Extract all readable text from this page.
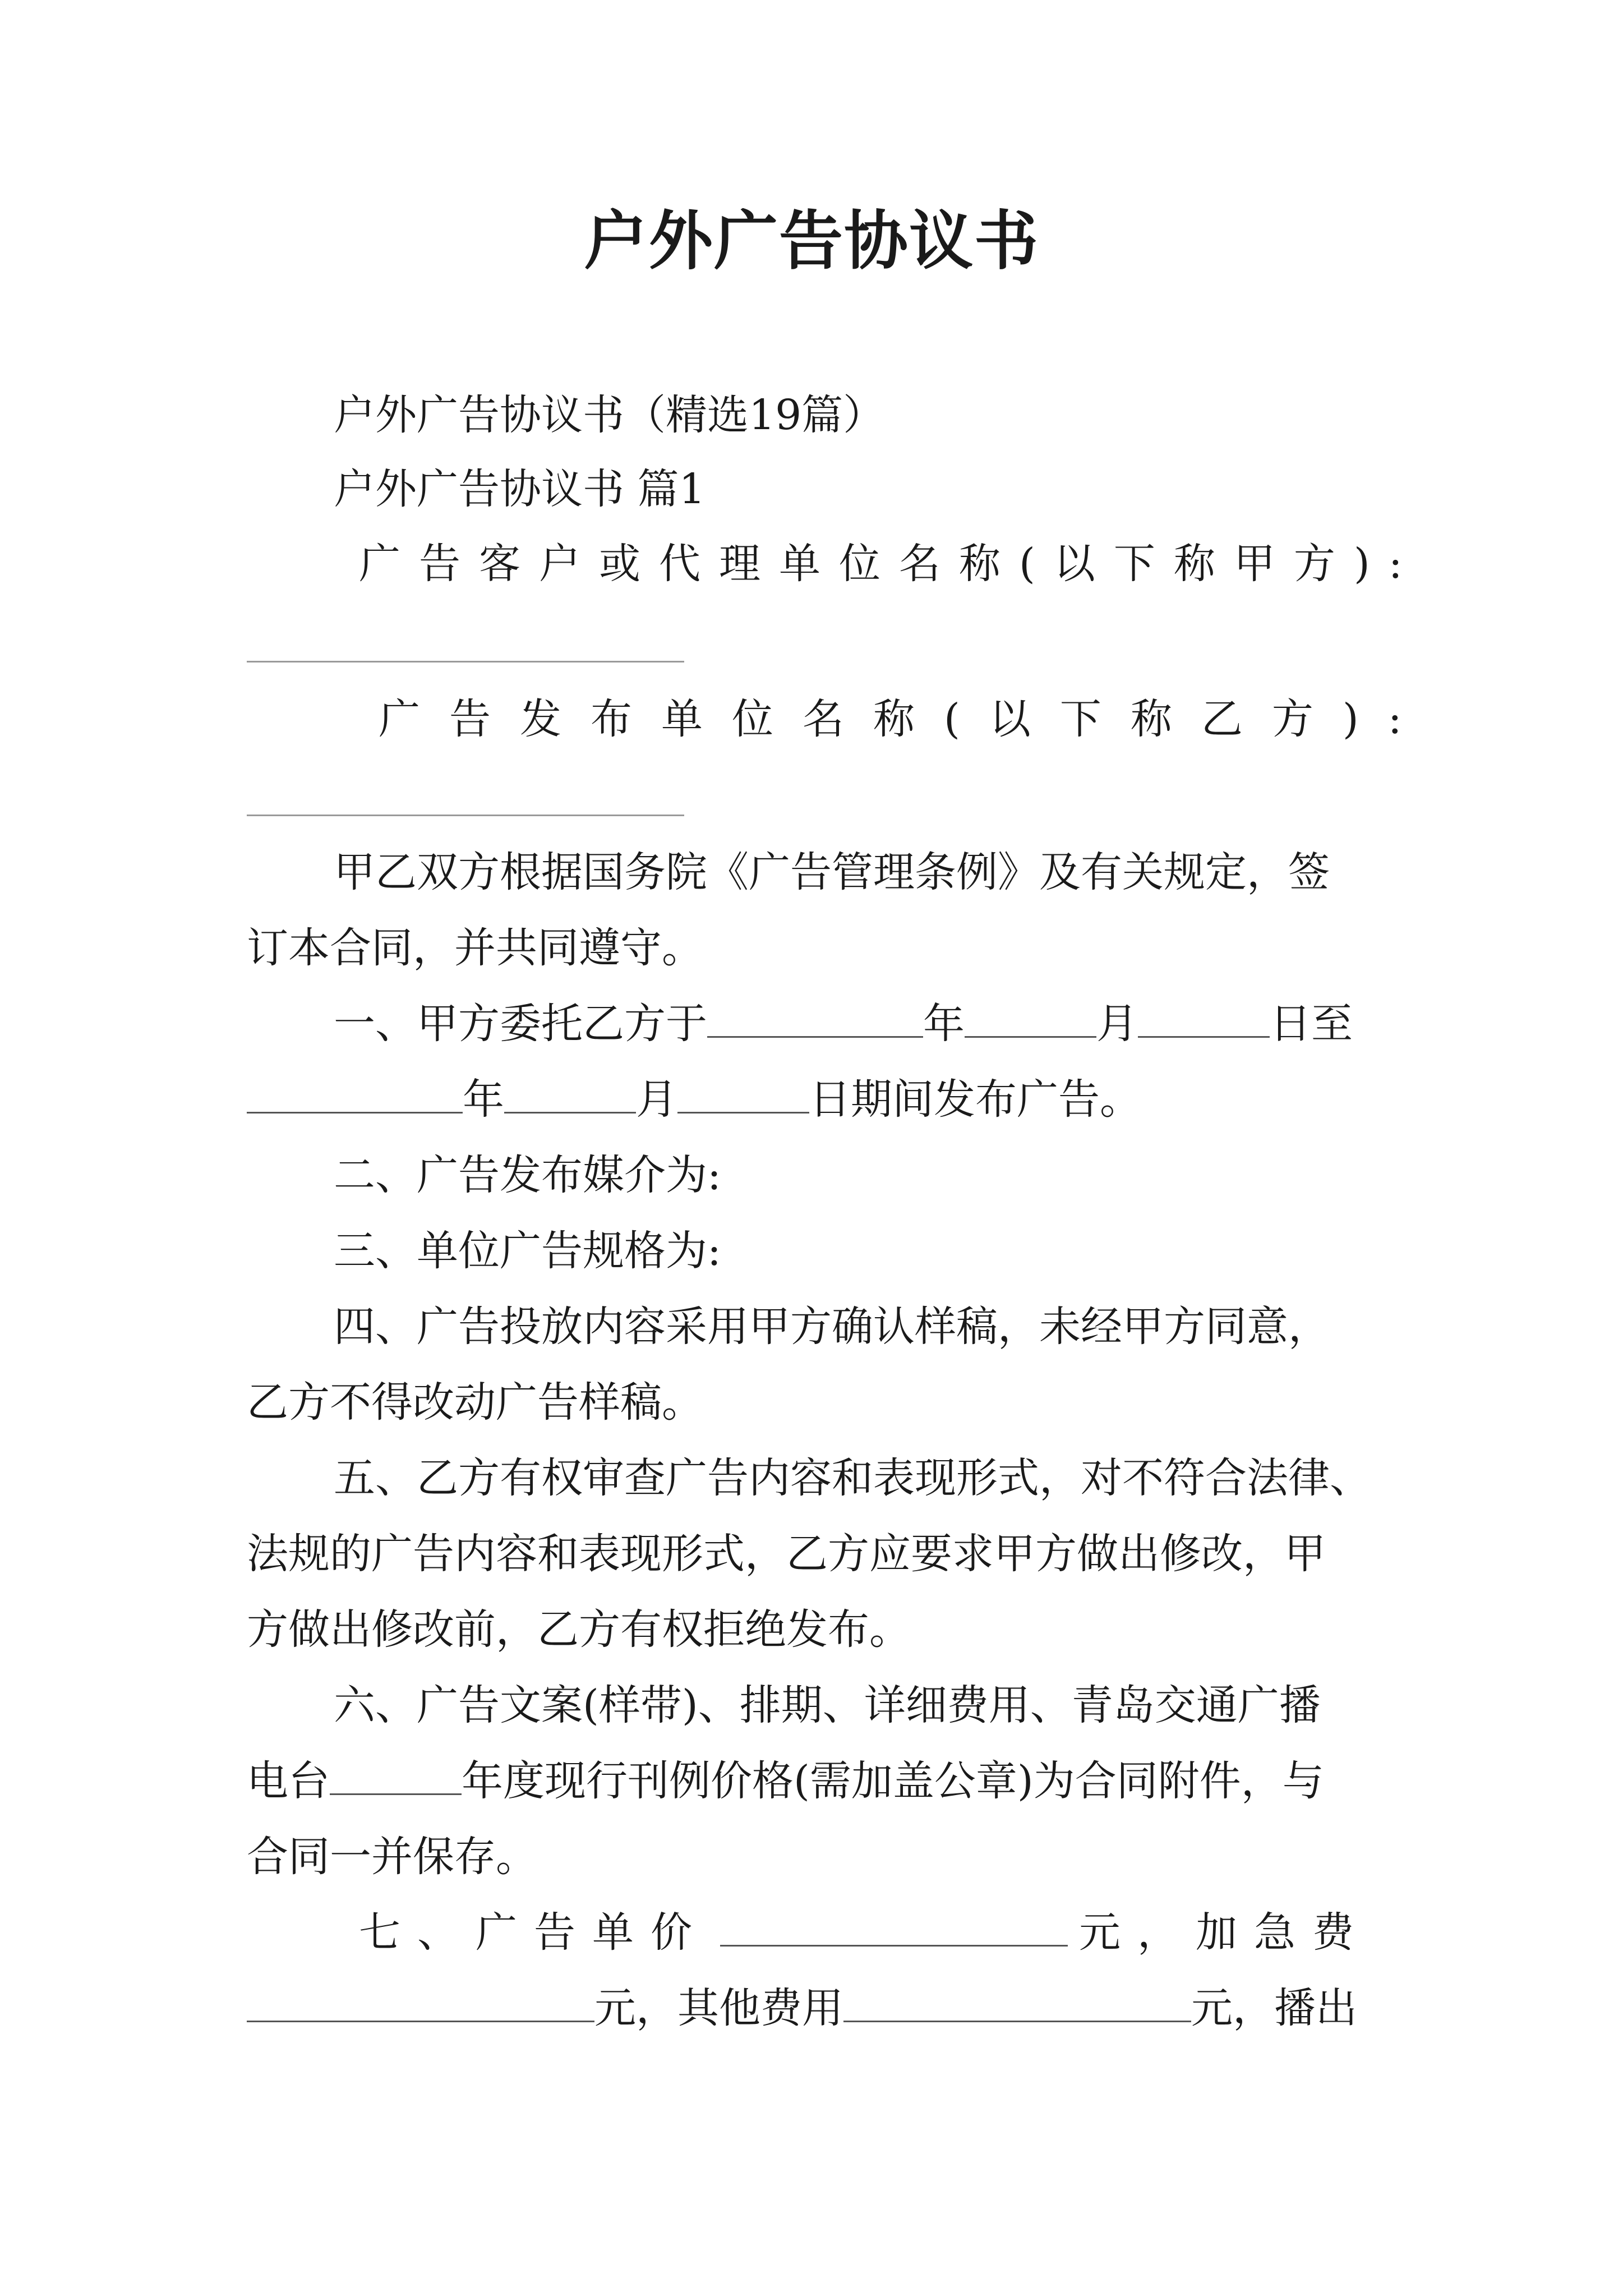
户外广告协议书
户外广告协议书（精选19篇）
户外广告协议书 篇1
广告客户或代理单位名称(以下称甲方):
广告发布单位名称(以下称乙方):
甲乙双方根据国务院《广告管理条例》及有关规定，签
订本合同，并共同遵守。
一、甲方委托乙方于	年	月	日至
年	月	日期间发布广告。
二、广告发布媒介为:
三、单位广告规格为:
四、广告投放内容采用甲方确认样稿，未经甲方同意，
乙方不得改动广告样稿。
五、乙方有权审查广告内容和表现形式，对不符合法律、
法规的广告内容和表现形式，乙方应要求甲方做出修改，甲
方做出修改前，乙方有权拒绝发布。
六、广告文案(样带)、排期、详细费用、青岛交通广播
电台	年度现行刊例价格(需加盖公章)为合同附件，与
合同一并保存。
七、广告单价	元，加急费
元，其他费用	元，播出
